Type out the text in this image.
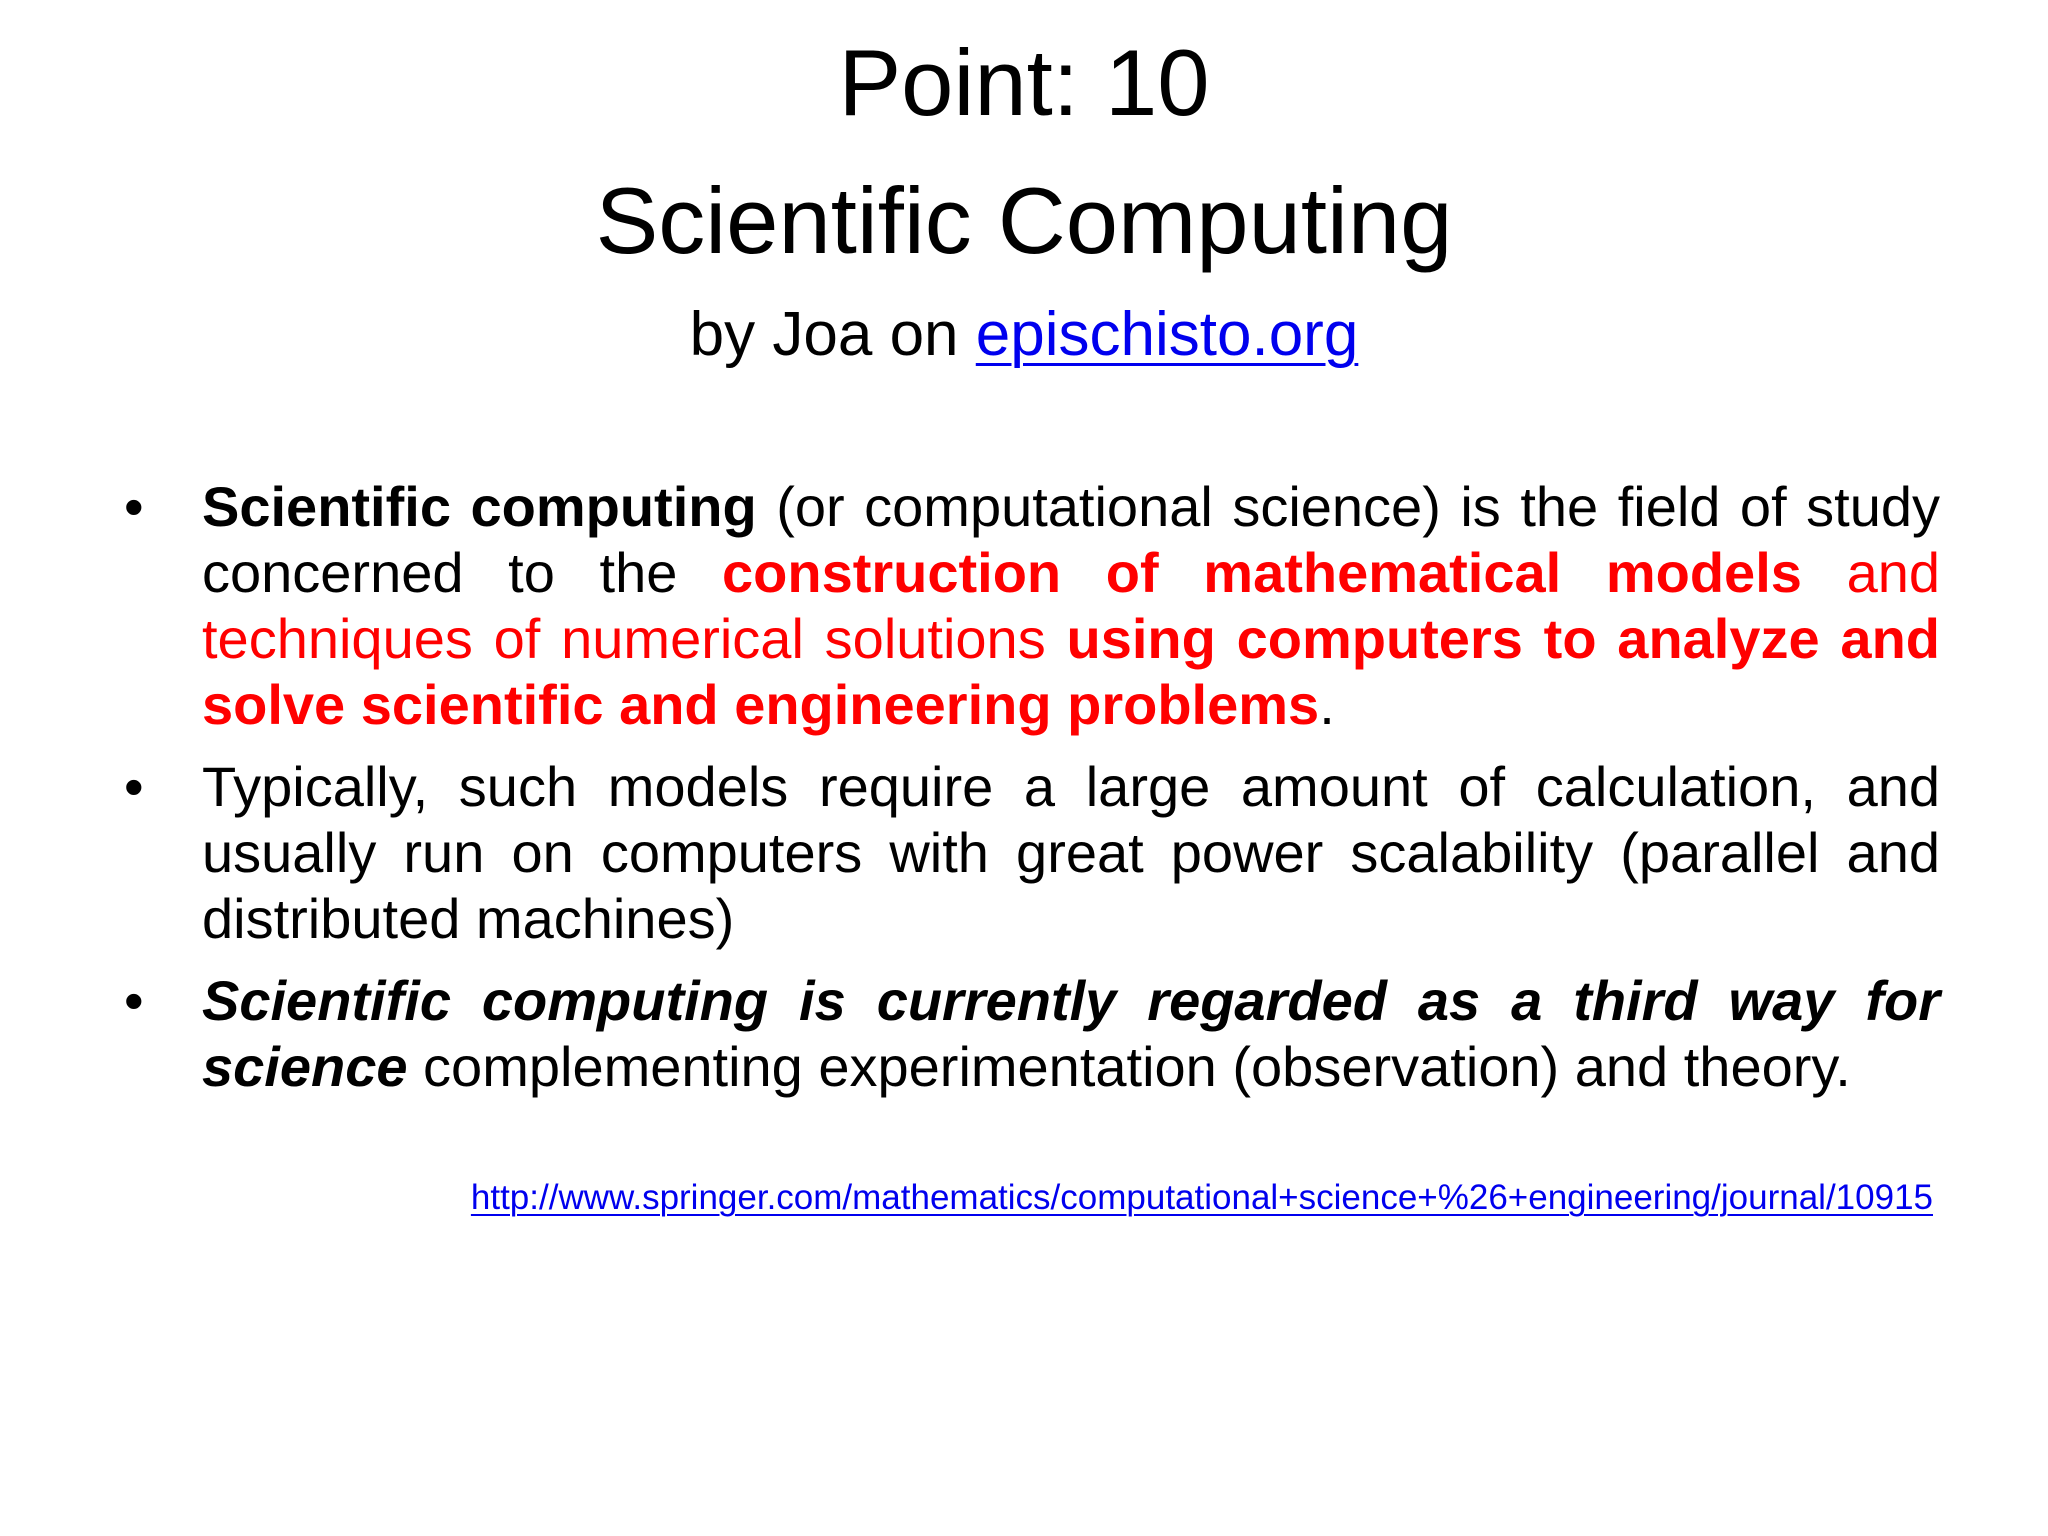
Point: 10
Scientific Computing
by Joa on epischisto.org
• Scientific computing (or computational science) is the field of study concerned to the construction of mathematical models and techniques of numerical solutions using computers to analyze and solve scientific and engineering problems.
• Typically, such models require a large amount of calculation, and usually run on computers with great power scalability (parallel and distributed machines)
• Scientific computing is currently regarded as a third way for science complementing experimentation (observation) and theory.
http://www.springer.com/mathematics/computational+science+%26+engineering/journal/10915
